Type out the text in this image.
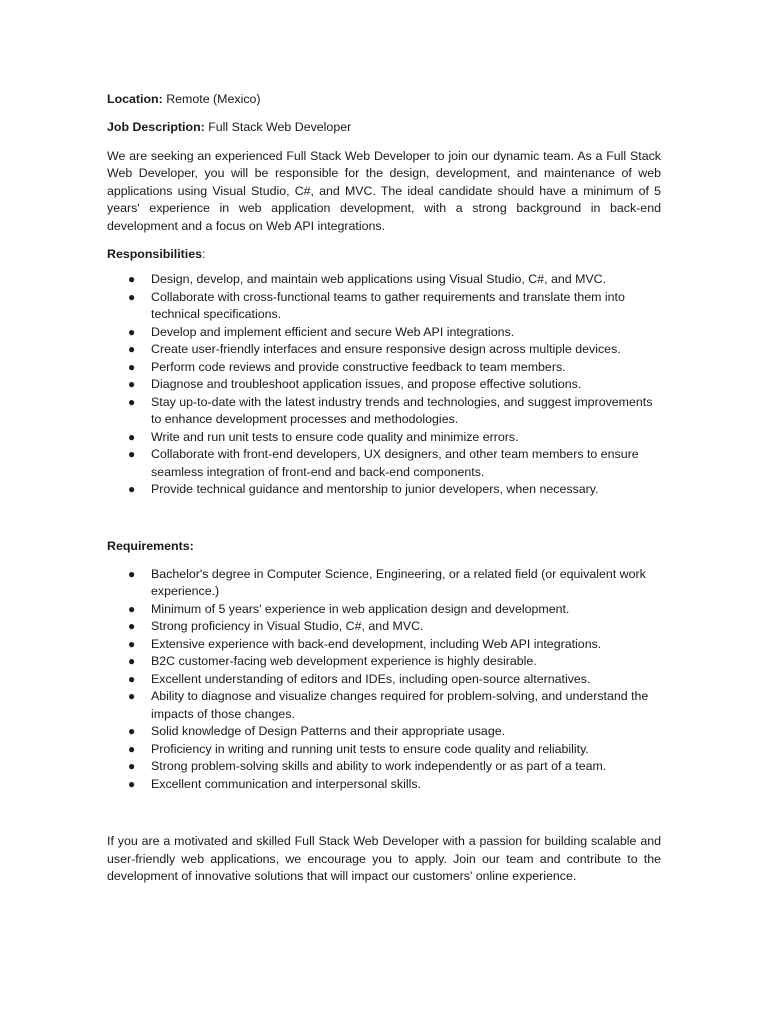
Location: Remote (Mexico)

Job Description: Full Stack Web Developer

We are seeking an experienced Full Stack Web Developer to join our dynamic team. As a Full Stack Web Developer, you will be responsible for the design, development, and maintenance of web applications using Visual Studio, C#, and MVC. The ideal candidate should have a minimum of 5 years' experience in web application development, with a strong background in back-end development and a focus on Web API integrations.

Responsibilities:

● Design, develop, and maintain web applications using Visual Studio, C#, and MVC.
● Collaborate with cross-functional teams to gather requirements and translate them into technical specifications.
● Develop and implement efficient and secure Web API integrations.
● Create user-friendly interfaces and ensure responsive design across multiple devices.
● Perform code reviews and provide constructive feedback to team members.
● Diagnose and troubleshoot application issues, and propose effective solutions.
● Stay up-to-date with the latest industry trends and technologies, and suggest improvements to enhance development processes and methodologies.
● Write and run unit tests to ensure code quality and minimize errors.
● Collaborate with front-end developers, UX designers, and other team members to ensure seamless integration of front-end and back-end components.
● Provide technical guidance and mentorship to junior developers, when necessary.

Requirements:

● Bachelor's degree in Computer Science, Engineering, or a related field (or equivalent work experience.)
● Minimum of 5 years' experience in web application design and development.
● Strong proficiency in Visual Studio, C#, and MVC.
● Extensive experience with back-end development, including Web API integrations.
● B2C customer-facing web development experience is highly desirable.
● Excellent understanding of editors and IDEs, including open-source alternatives.
● Ability to diagnose and visualize changes required for problem-solving, and understand the impacts of those changes.
● Solid knowledge of Design Patterns and their appropriate usage.
● Proficiency in writing and running unit tests to ensure code quality and reliability.
● Strong problem-solving skills and ability to work independently or as part of a team.
● Excellent communication and interpersonal skills.

If you are a motivated and skilled Full Stack Web Developer with a passion for building scalable and user-friendly web applications, we encourage you to apply. Join our team and contribute to the development of innovative solutions that will impact our customers' online experience.
